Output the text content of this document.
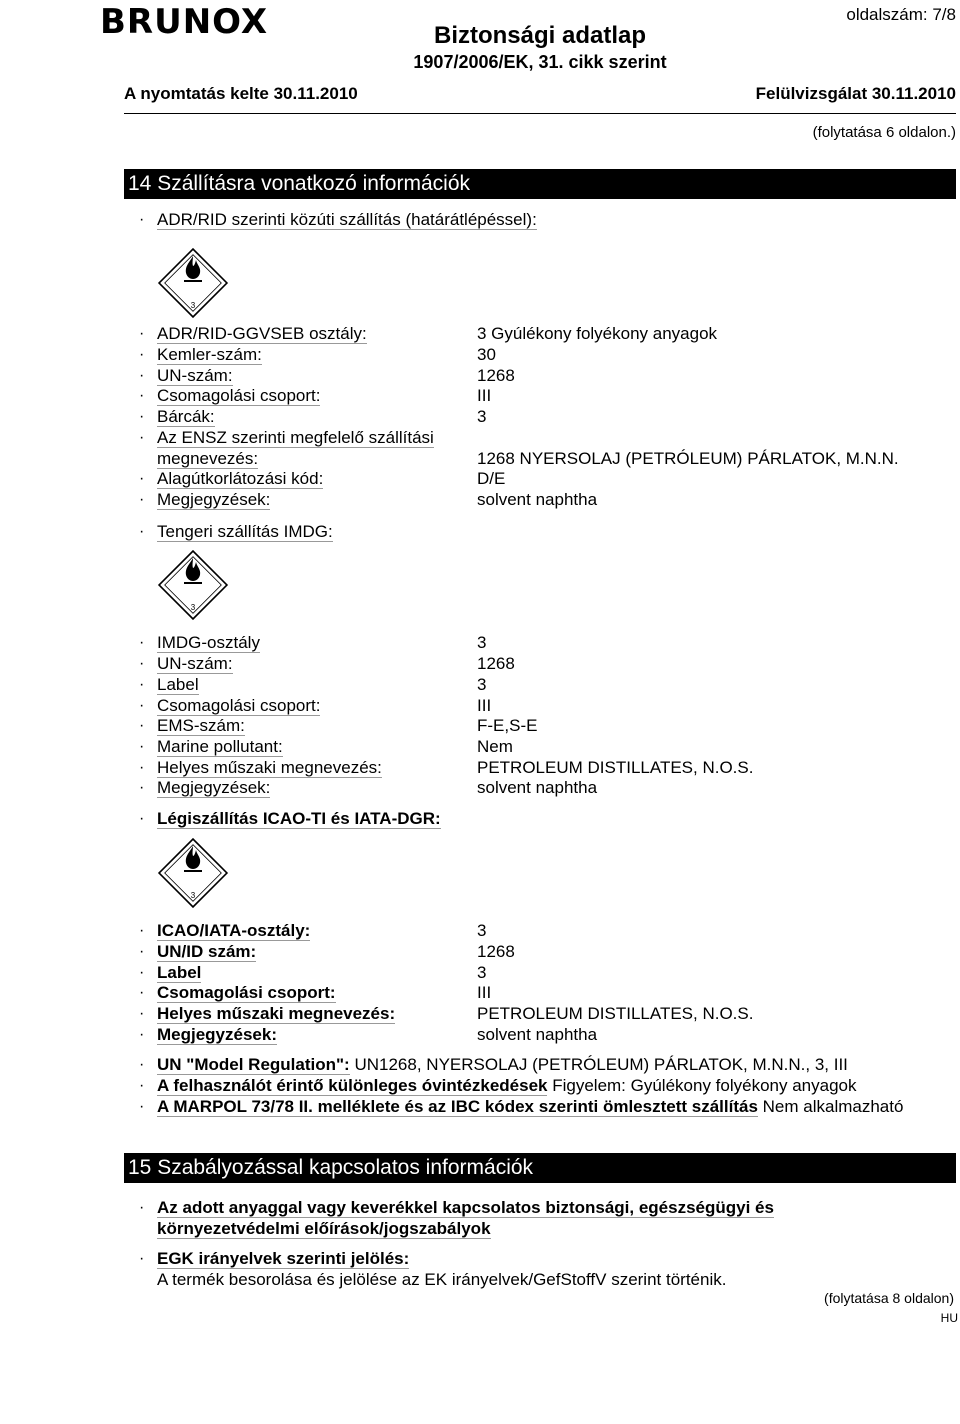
BRUNOX	Biztonsági adatlap
1907/2006/EK, 31. cikk szerint
oldalszám: 7/8
A nyomtatás kelte 30.11.2010	Felülvizsgálat 30.11.2010
(folytatása 6 oldalon.)
14 Szállításra vonatkozó információk
· ADR/RID szerinti közúti szállítás (határátlépéssel):
3
· ADR/RID-GGVSEB osztály:	3 Gyúlékony folyékony anyagok
· Kemler-szám:	30
· UN-szám:	1268
· Csomagolási csoport:	III
· Bárcák:	3
· Az ENSZ szerinti megfelelő szállítási
megnevezés:	1268 NYERSOLAJ (PETRÓLEUM) PÁRLATOK, M.N.N.
· Alagútkorlátozási kód:	D/E
· Megjegyzések:	solvent naphtha
· Tengeri szállítás IMDG:
3
· IMDG-osztály	3
· UN-szám:	1268
· Label	3
· Csomagolási csoport:	III
· EMS-szám:	F-E,S-E
· Marine pollutant:	Nem
· Helyes műszaki megnevezés:	PETROLEUM DISTILLATES, N.O.S.
· Megjegyzések:	solvent naphtha
· Légiszállítás ICAO-TI és IATA-DGR:
3
· ICAO/IATA-osztály:	3
· UN/ID szám:	1268
· Label	3
· Csomagolási csoport:	III
· Helyes műszaki megnevezés:	PETROLEUM DISTILLATES, N.O.S.
· Megjegyzések:	solvent naphtha
· UN "Model Regulation": UN1268, NYERSOLAJ (PETRÓLEUM) PÁRLATOK, M.N.N., 3, III
· A felhasználót érintő különleges óvintézkedések Figyelem: Gyúlékony folyékony anyagok
· A MARPOL 73/78 II. melléklete és az IBC kódex szerinti ömlesztett szállítás Nem alkalmazható
15 Szabályozással kapcsolatos információk
· Az adott anyaggal vagy keverékkel kapcsolatos biztonsági, egészségügyi és
környezetvédelmi előírások/jogszabályok
· EGK irányelvek szerinti jelölés:
A termék besorolása és jelölése az EK irányelvek/GefStoffV szerint történik.
(folytatása 8 oldalon)
HU
